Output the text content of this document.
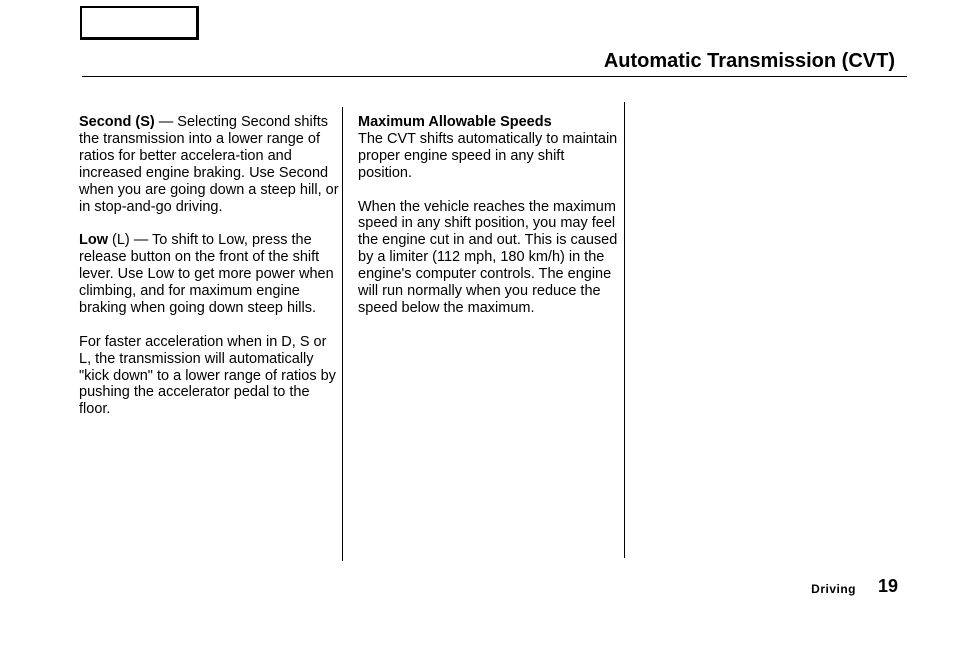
Automatic Transmission (CVT)

Second (S) — Selecting Second shifts the transmission into a lower range of ratios for better accelera-tion and increased engine braking. Use Second when you are going down a steep hill, or in stop-and-go driving.

Low (L) — To shift to Low, press the release button on the front of the shift lever. Use Low to get more power when climbing, and for maximum engine braking when going down steep hills.

For faster acceleration when in D, S or L, the transmission will automatically "kick down" to a lower range of ratios by pushing the accelerator pedal to the floor.

Maximum Allowable Speeds

The CVT shifts automatically to maintain proper engine speed in any shift position.

When the vehicle reaches the maximum speed in any shift position, you may feel the engine cut in and out. This is caused by a limiter (112 mph, 180 km/h) in the engine's computer controls. The engine will run normally when you reduce the speed below the maximum.

Driving	19
